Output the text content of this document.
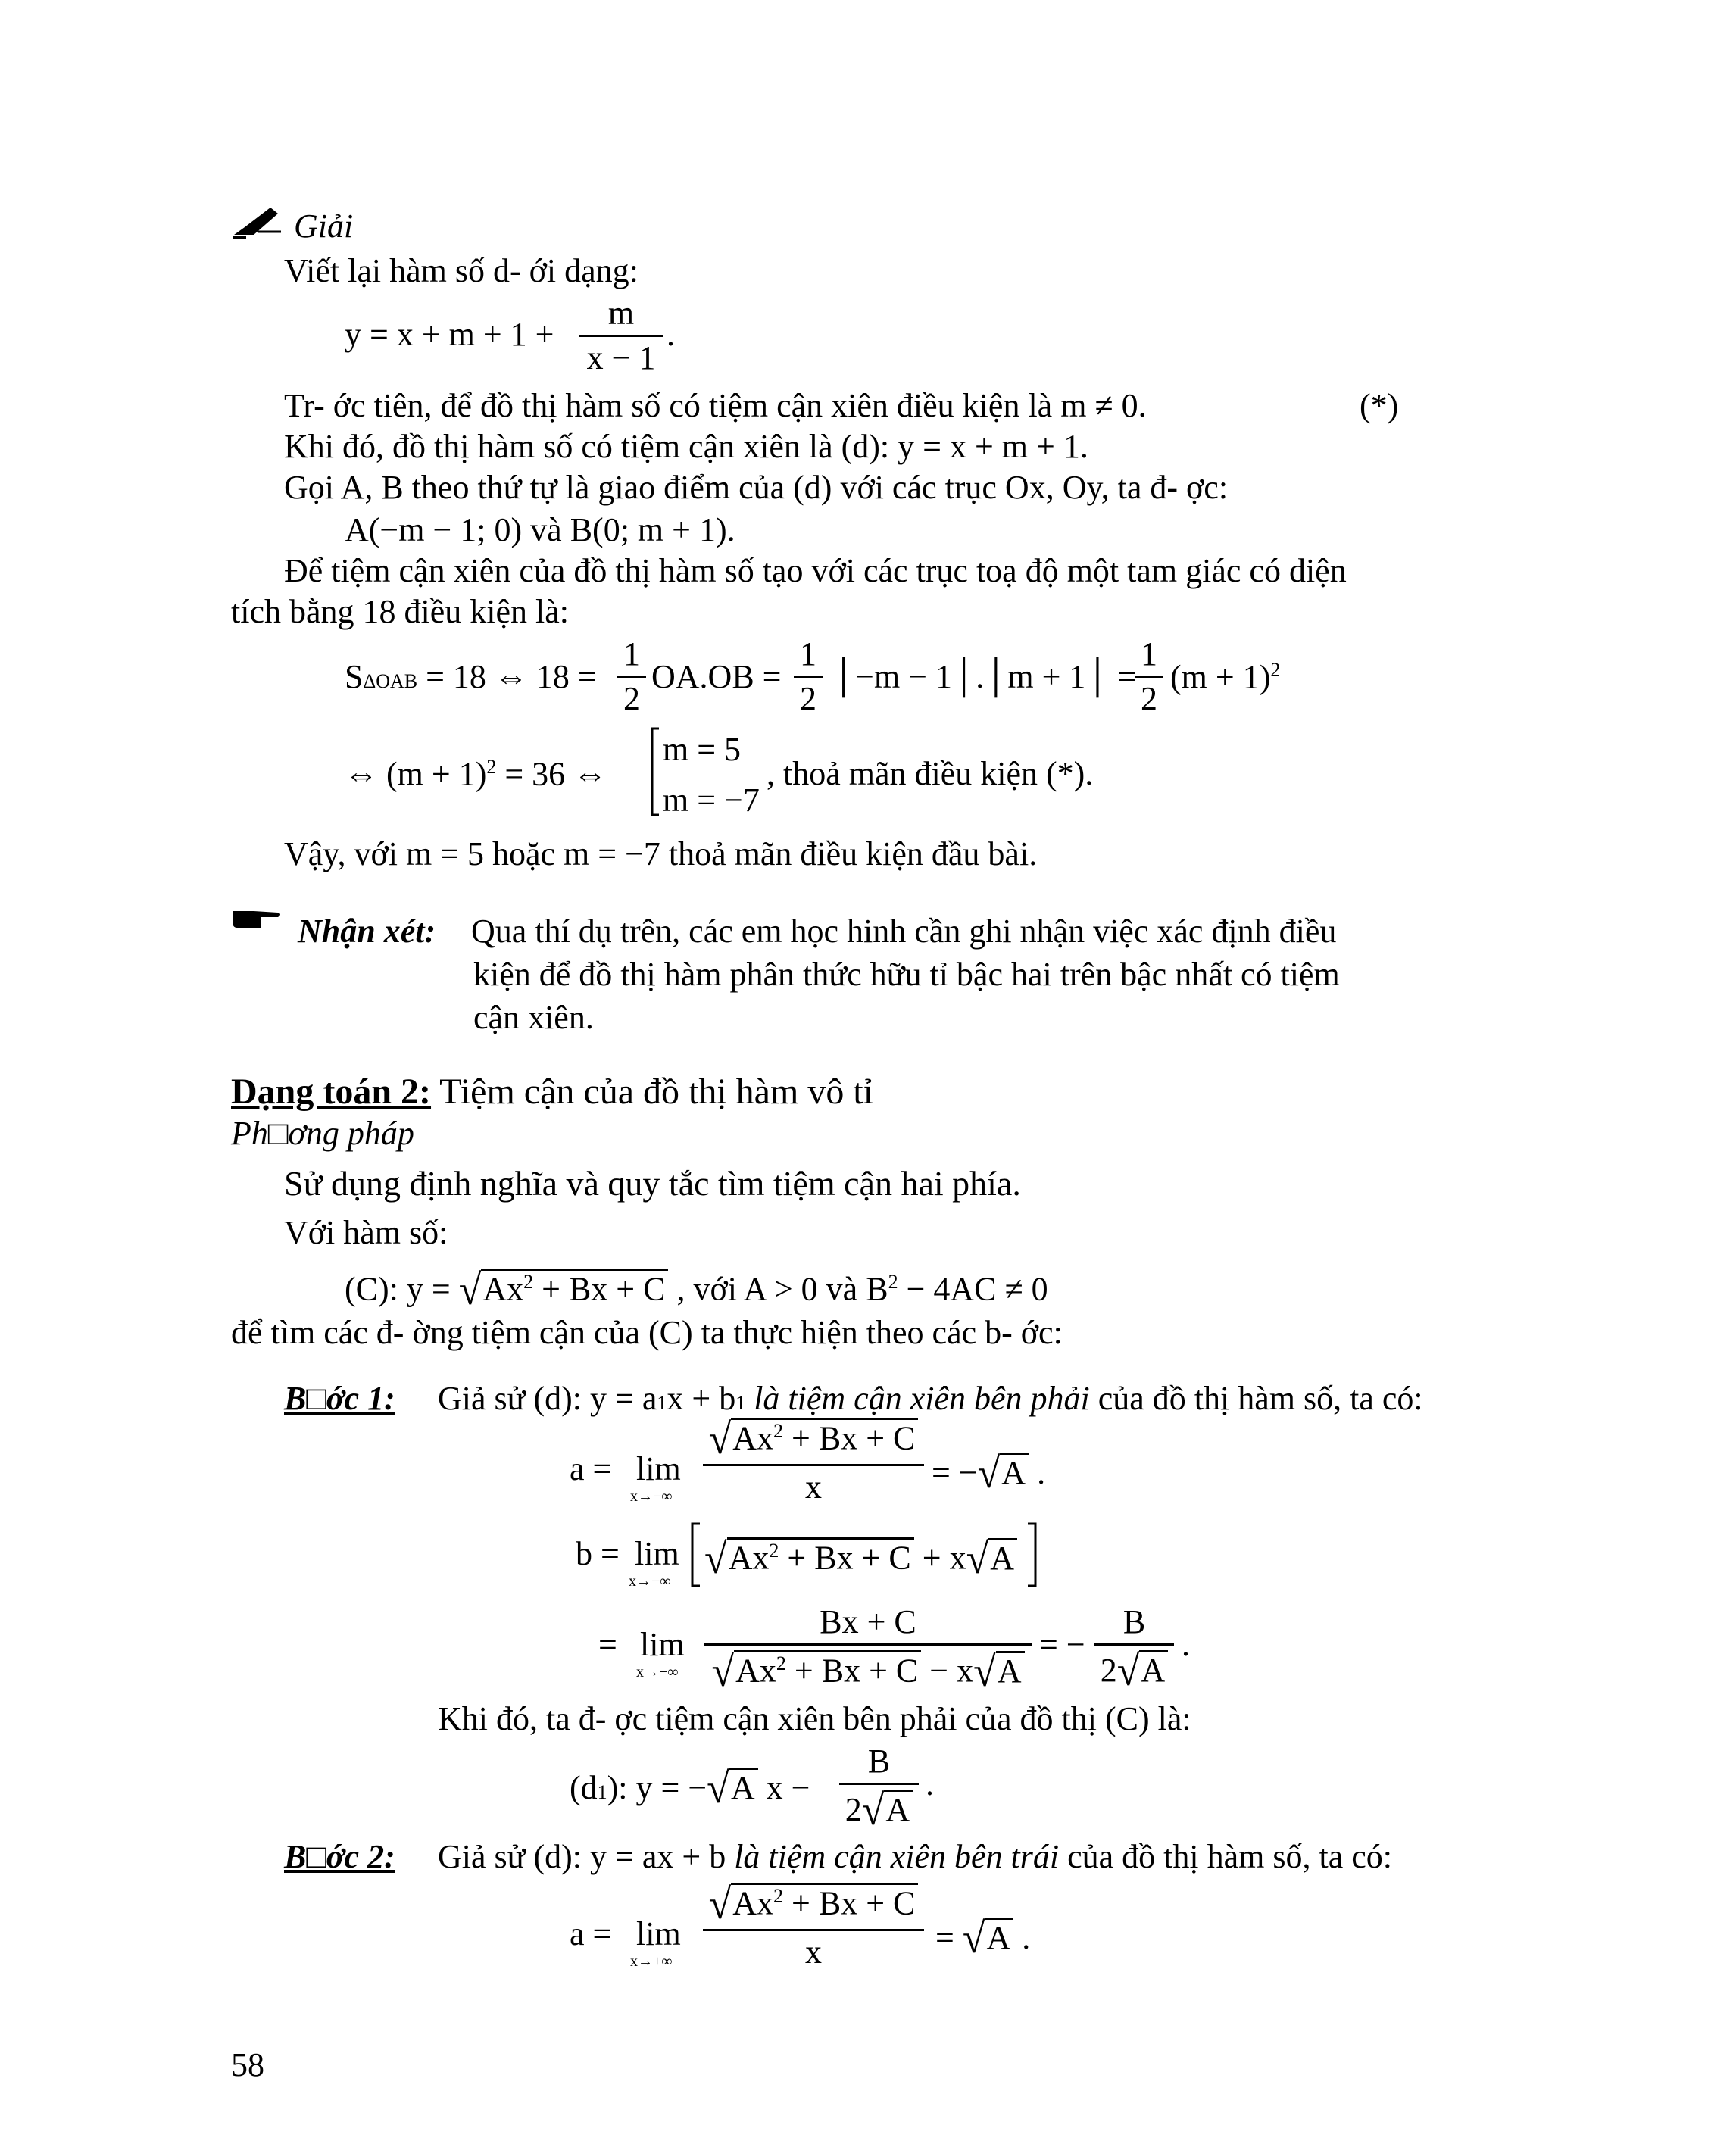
Giải
Viết lại hàm số d- ới dạng:
y = x + m + 1 +
m
x − 1
.
Tr- ớc tiên, để đồ thị hàm số có tiệm cận xiên điều kiện là m ≠ 0.	(*)
Khi đó, đồ thị hàm số có tiệm cận xiên là (d): y = x + m + 1.
Gọi A, B theo thứ tự là giao điểm của (d) với các trục Ox, Oy, ta đ- ợc:
A(−m − 1; 0) và B(0; m + 1).
Để tiệm cận xiên của đồ thị hàm số tạo với các trục toạ độ một tam giác có diện
tích bằng 18 điều kiện là:
SΔOAB = 18 ⇔ 18 =
1
2
OA.OB =
1
2
│−m − 1│.│m + 1│ =
1
2
$(m + 1)^2$
⇔ $(m + 1)^2 = 36$ ⇔
m = 5
m = −7
, thoả mãn điều kiện (*).
Vậy, với m = 5 hoặc m = −7 thoả mãn điều kiện đầu bài.
Nhận xét: Qua thí dụ trên, các em học hinh cần ghi nhận việc xác định điều
kiện để đồ thị hàm phân thức hữu tỉ bậc hai trên bậc nhất có tiệm
cận xiên.
Dạng toán 2: Tiệm cận của đồ thị hàm vô tỉ
Ph□ơng pháp
Sử dụng định nghĩa và quy tắc tìm tiệm cận hai phía.
Với hàm số:
(C): $y = √Ax^2 + Bx + C$ , với A > 0 và $B^2 - 4AC \ne 0$
để tìm các đ- ờng tiệm cận của (C) ta thực hiện theo các b- ớc:
B□ớc 1: Giả sử (d): y = a1x + b1 là tiệm cận xiên bên phải của đồ thị hàm số, ta có:
a = lim
x→−∞
$√Ax^2 + Bx + C$
x	= −√A .
b = lim
x→−∞ $√Ax^2 + Bx + C + x√A$
= lim
x→−∞
Bx + C
$√Ax^2 + Bx + C - x√A$
= −
B
2√A
.
Khi đó, ta đ- ợc tiệm cận xiên bên phải của đồ thị (C) là:
(d1): y = −√A x −
B
2√A
.
B□ớc 2: Giả sử (d): y = ax + b là tiệm cận xiên bên trái của đồ thị hàm số, ta có:
a = lim
x→+∞
$√Ax^2 + Bx + C$
x	= √A .
58
